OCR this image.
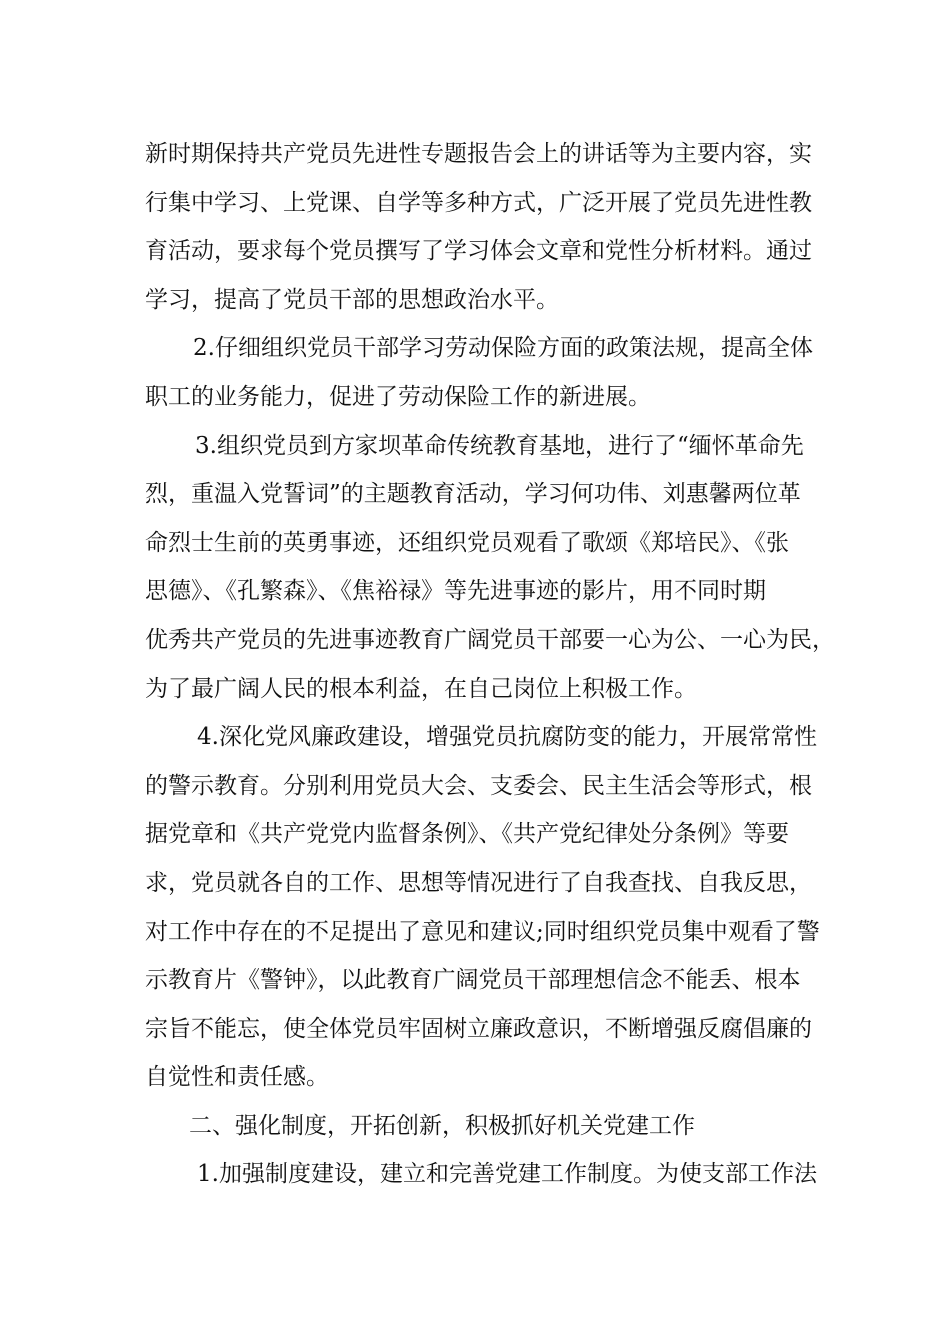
新时期保持共产党员先进性专题报告会上的讲话等为主要内容，实
行集中学习、上党课、自学等多种方式，广泛开展了党员先进性教
育活动，要求每个党员撰写了学习体会文章和党性分析材料。通过
学习，提高了党员干部的思想政治水平。
2.仔细组织党员干部学习劳动保险方面的政策法规，提高全体
职工的业务能力，促进了劳动保险工作的新进展。
3.组织党员到方家坝革命传统教育基地，进行了“缅怀革命先
烈，重温入党誓词”的主题教育活动，学习何功伟、刘惠馨两位革
命烈士生前的英勇事迹，还组织党员观看了歌颂《郑培民》、《张
思德》、《孔繁森》、《焦裕禄》等先进事迹的影片，用不同时期
优秀共产党员的先进事迹教育广阔党员干部要一心为公、一心为民，
为了最广阔人民的根本利益，在自己岗位上积极工作。
4.深化党风廉政建设，增强党员抗腐防变的能力，开展常常性
的警示教育。分别利用党员大会、支委会、民主生活会等形式，根
据党章和《共产党党内监督条例》、《共产党纪律处分条例》等要
求，党员就各自的工作、思想等情况进行了自我查找、自我反思，
对工作中存在的不足提出了意见和建议;同时组织党员集中观看了警
示教育片《警钟》，以此教育广阔党员干部理想信念不能丢、根本
宗旨不能忘，使全体党员牢固树立廉政意识，不断增强反腐倡廉的
自觉性和责任感。
二、强化制度，开拓创新，积极抓好机关党建工作
1.加强制度建设，建立和完善党建工作制度。为使支部工作法
